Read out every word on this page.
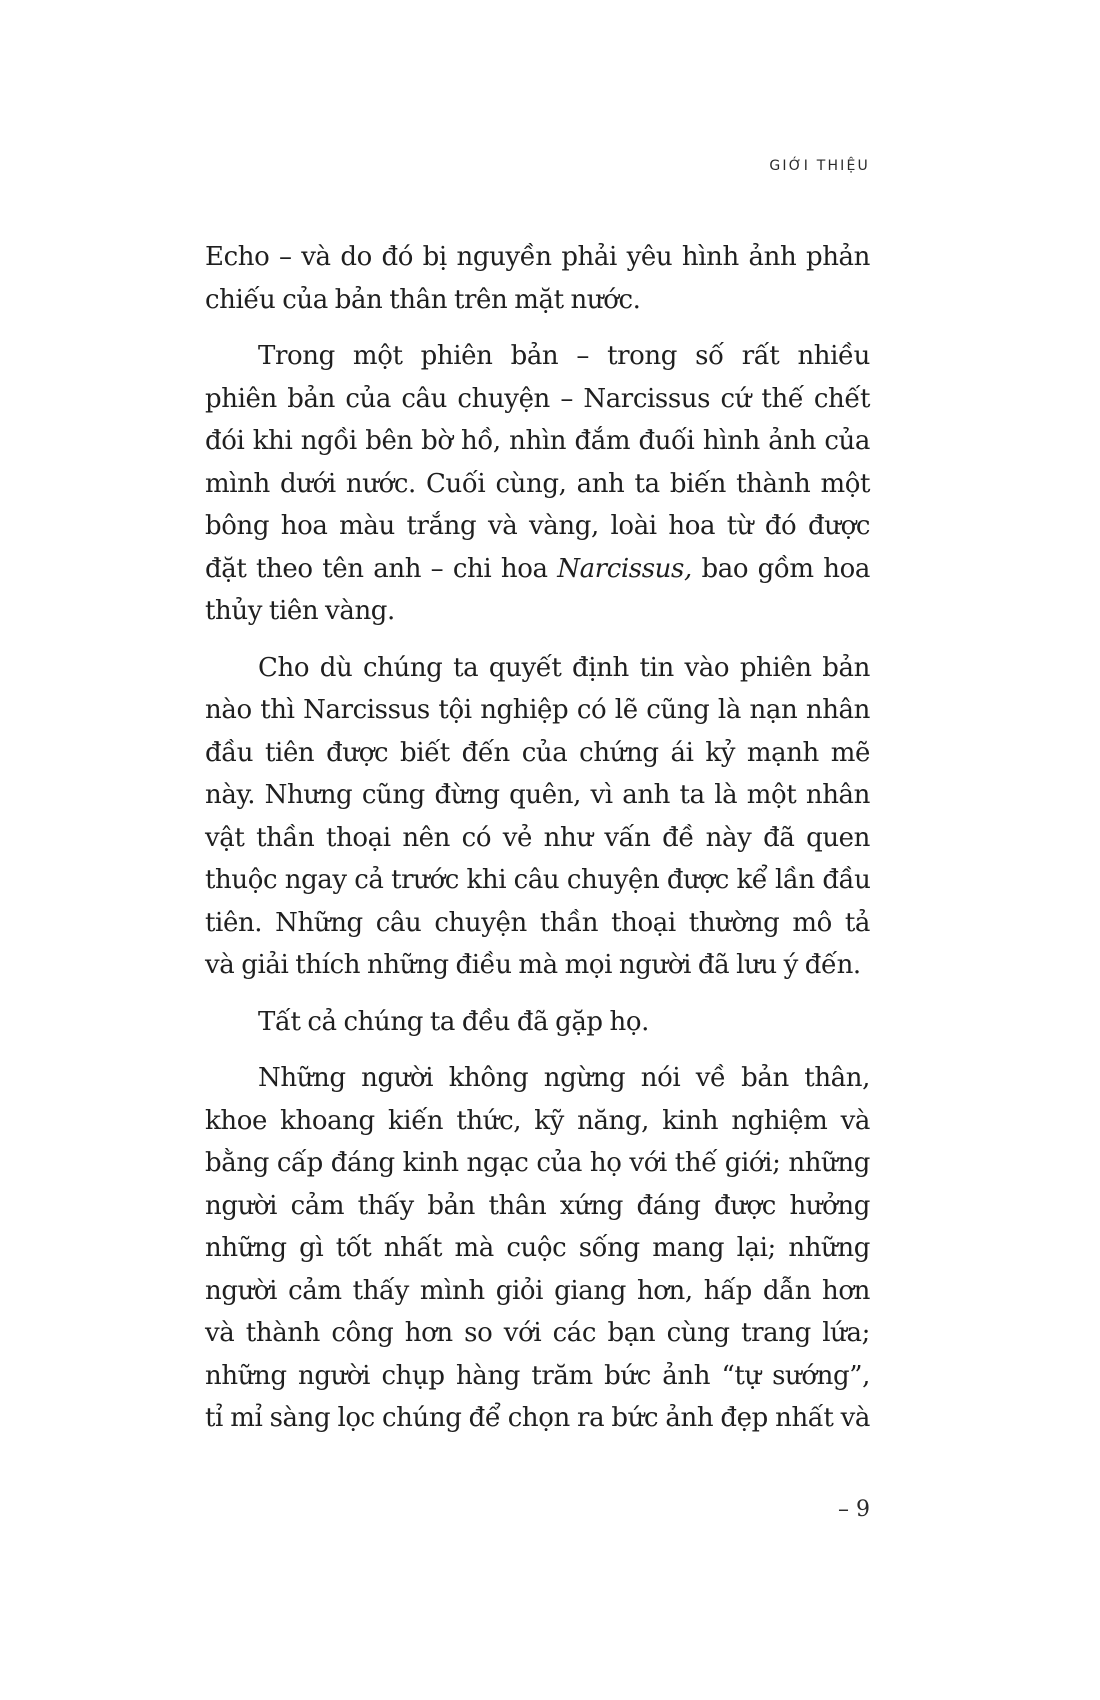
GIỚI THIỆU

Echo – và do đó bị nguyền phải yêu hình ảnh phản
chiếu của bản thân trên mặt nước.
Trong một phiên bản – trong số rất nhiều
phiên bản của câu chuyện – Narcissus cứ thế chết
đói khi ngồi bên bờ hồ, nhìn đắm đuối hình ảnh của
mình dưới nước. Cuối cùng, anh ta biến thành một
bông hoa màu trắng và vàng, loài hoa từ đó được
đặt theo tên anh – chi hoa Narcissus, bao gồm hoa
thủy tiên vàng.
Cho dù chúng ta quyết định tin vào phiên bản
nào thì Narcissus tội nghiệp có lẽ cũng là nạn nhân
đầu tiên được biết đến của chứng ái kỷ mạnh mẽ
này. Nhưng cũng đừng quên, vì anh ta là một nhân
vật thần thoại nên có vẻ như vấn đề này đã quen
thuộc ngay cả trước khi câu chuyện được kể lần đầu
tiên. Những câu chuyện thần thoại thường mô tả
và giải thích những điều mà mọi người đã lưu ý đến.
Tất cả chúng ta đều đã gặp họ.
Những người không ngừng nói về bản thân,
khoe khoang kiến thức, kỹ năng, kinh nghiệm và
bằng cấp đáng kinh ngạc của họ với thế giới; những
người cảm thấy bản thân xứng đáng được hưởng
những gì tốt nhất mà cuộc sống mang lại; những
người cảm thấy mình giỏi giang hơn, hấp dẫn hơn
và thành công hơn so với các bạn cùng trang lứa;
những người chụp hàng trăm bức ảnh “tự sướng”,
tỉ mỉ sàng lọc chúng để chọn ra bức ảnh đẹp nhất và

– 9
